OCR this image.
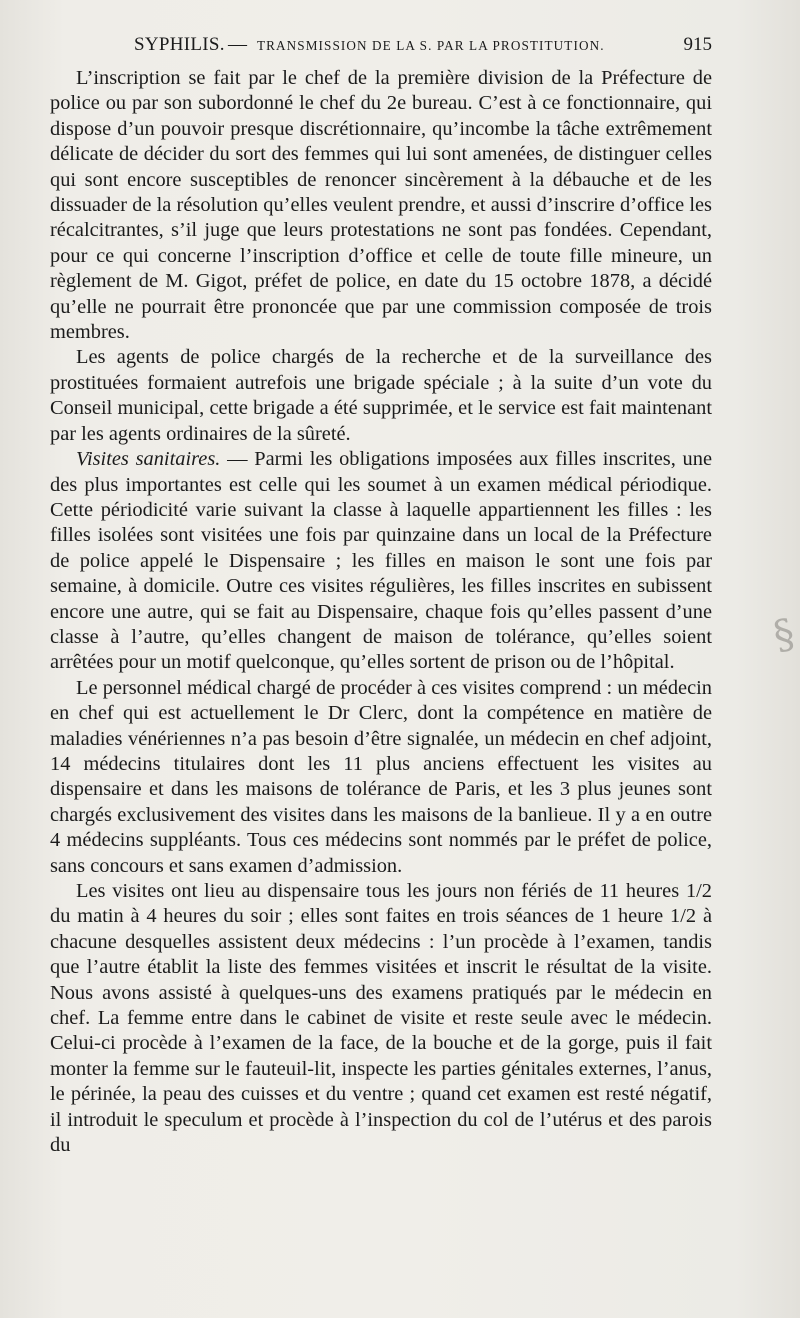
SYPHILIS. — TRANSMISSION DE LA S. PAR LA PROSTITUTION.	915

L’inscription se fait par le chef de la première division de la Préfecture de police ou par son subordonné le chef du 2e bureau. C’est à ce fonctionnaire, qui dispose d’un pouvoir presque discrétionnaire, qu’incombe la tâche extrêmement délicate de décider du sort des femmes qui lui sont amenées, de distinguer celles qui sont encore susceptibles de renoncer sincèrement à la débauche et de les dissuader de la résolution qu’elles veulent prendre, et aussi d’inscrire d’office les récalcitrantes, s’il juge que leurs protestations ne sont pas fondées. Cependant, pour ce qui concerne l’inscription d’office et celle de toute fille mineure, un règlement de M. Gigot, préfet de police, en date du 15 octobre 1878, a décidé qu’elle ne pourrait être prononcée que par une commission composée de trois membres.

Les agents de police chargés de la recherche et de la surveillance des prostituées formaient autrefois une brigade spéciale ; à la suite d’un vote du Conseil municipal, cette brigade a été supprimée, et le service est fait maintenant par les agents ordinaires de la sûreté.

Visites sanitaires. — Parmi les obligations imposées aux filles inscrites, une des plus importantes est celle qui les soumet à un examen médical périodique. Cette périodicité varie suivant la classe à laquelle appartiennent les filles : les filles isolées sont visitées une fois par quinzaine dans un local de la Préfecture de police appelé le Dispensaire ; les filles en maison le sont une fois par semaine, à domicile. Outre ces visites régulières, les filles inscrites en subissent encore une autre, qui se fait au Dispensaire, chaque fois qu’elles passent d’une classe à l’autre, qu’elles changent de maison de tolérance, qu’elles soient arrêtées pour un motif quelconque, qu’elles sortent de prison ou de l’hôpital.

Le personnel médical chargé de procéder à ces visites comprend : un médecin en chef qui est actuellement le Dr Clerc, dont la compétence en matière de maladies vénériennes n’a pas besoin d’être signalée, un médecin en chef adjoint, 14 médecins titulaires dont les 11 plus anciens effectuent les visites au dispensaire et dans les maisons de tolérance de Paris, et les 3 plus jeunes sont chargés exclusivement des visites dans les maisons de la banlieue. Il y a en outre 4 médecins suppléants. Tous ces médecins sont nommés par le préfet de police, sans concours et sans examen d’admission.

Les visites ont lieu au dispensaire tous les jours non fériés de 11 heures 1/2 du matin à 4 heures du soir ; elles sont faites en trois séances de 1 heure 1/2 à chacune desquelles assistent deux médecins : l’un procède à l’examen, tandis que l’autre établit la liste des femmes visitées et inscrit le résultat de la visite. Nous avons assisté à quelques-uns des examens pratiqués par le médecin en chef. La femme entre dans le cabinet de visite et reste seule avec le médecin. Celui-ci procède à l’examen de la face, de la bouche et de la gorge, puis il fait monter la femme sur le fauteuil-lit, inspecte les parties génitales externes, l’anus, le périnée, la peau des cuisses et du ventre ; quand cet examen est resté négatif, il introduit le speculum et procède à l’inspection du col de l’utérus et des parois du

§
